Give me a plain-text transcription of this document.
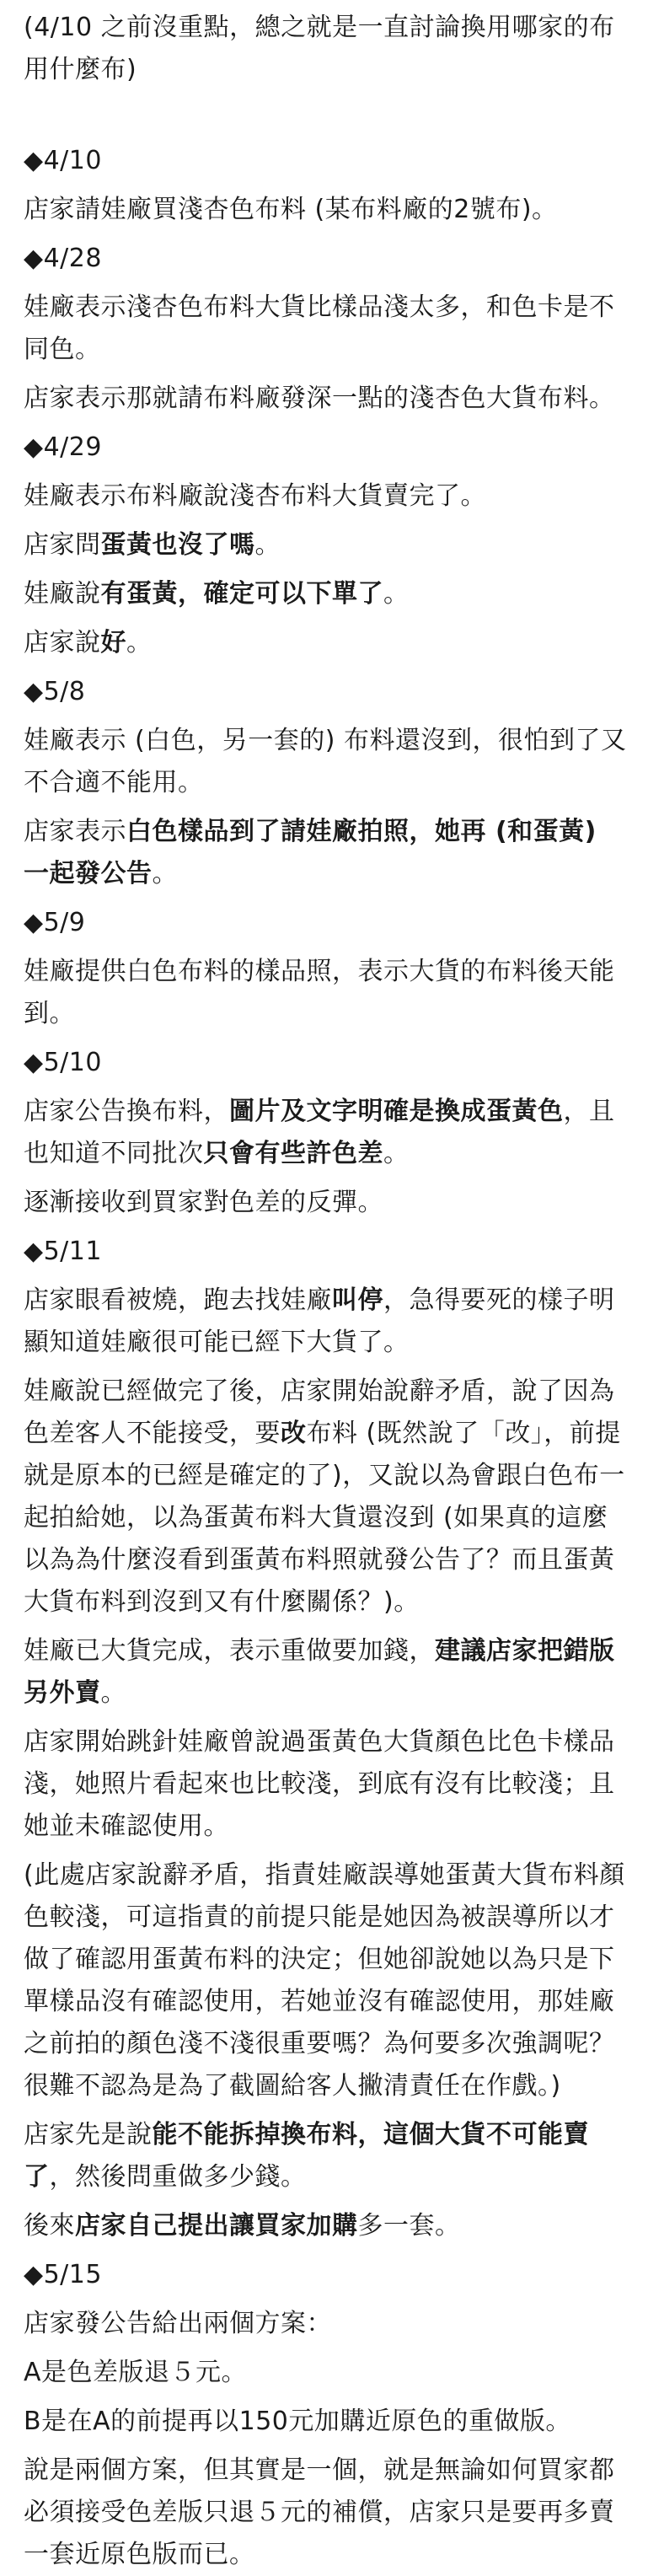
(4/10 之前沒重點，總之就是一直討論換用哪家的布用什麼布)
◆4/10
店家請娃廠買淺杏色布料 (某布料廠的2號布)。
◆4/28
娃廠表示淺杏色布料大貨比樣品淺太多，和色卡是不同色。
店家表示那就請布料廠發深一點的淺杏色大貨布料。
◆4/29
娃廠表示布料廠說淺杏布料大貨賣完了。
店家問蛋黃也沒了嗎。
娃廠說有蛋黃，確定可以下單了。
店家說好。
◆5/8
娃廠表示 (白色，另一套的) 布料還沒到，很怕到了又不合適不能用。
店家表示白色樣品到了請娃廠拍照，她再 (和蛋黃) 一起發公告。
◆5/9
娃廠提供白色布料的樣品照，表示大貨的布料後天能到。
◆5/10
店家公告換布料，圖片及文字明確是換成蛋黃色，且也知道不同批次只會有些許色差。
逐漸接收到買家對色差的反彈。
◆5/11
店家眼看被燒，跑去找娃廠叫停，急得要死的樣子明顯知道娃廠很可能已經下大貨了。
娃廠說已經做完了後，店家開始說辭矛盾，說了因為色差客人不能接受，要改布料 (既然說了「改」，前提就是原本的已經是確定的了)，又說以為會跟白色布一起拍給她，以為蛋黃布料大貨還沒到 (如果真的這麼以為為什麼沒看到蛋黃布料照就發公告了？而且蛋黃大貨布料到沒到又有什麼關係？)。
娃廠已大貨完成，表示重做要加錢，建議店家把錯版另外賣。
店家開始跳針娃廠曾說過蛋黃色大貨顏色比色卡樣品淺，她照片看起來也比較淺，到底有沒有比較淺；且她並未確認使用。
(此處店家說辭矛盾，指責娃廠誤導她蛋黃大貨布料顏色較淺，可這指責的前提只能是她因為被誤導所以才做了確認用蛋黃布料的決定；但她卻說她以為只是下單樣品沒有確認使用，若她並沒有確認使用，那娃廠之前拍的顏色淺不淺很重要嗎？為何要多次強調呢？很難不認為是為了截圖給客人撇清責任在作戲。)
店家先是說能不能拆掉換布料，這個大貨不可能賣了，然後問重做多少錢。
後來店家自己提出讓買家加購多一套。
◆5/15
店家發公告給出兩個方案：
A是色差版退５元。
B是在A的前提再以150元加購近原色的重做版。
說是兩個方案，但其實是一個，就是無論如何買家都必須接受色差版只退５元的補償，店家只是要再多賣一套近原色版而已。
